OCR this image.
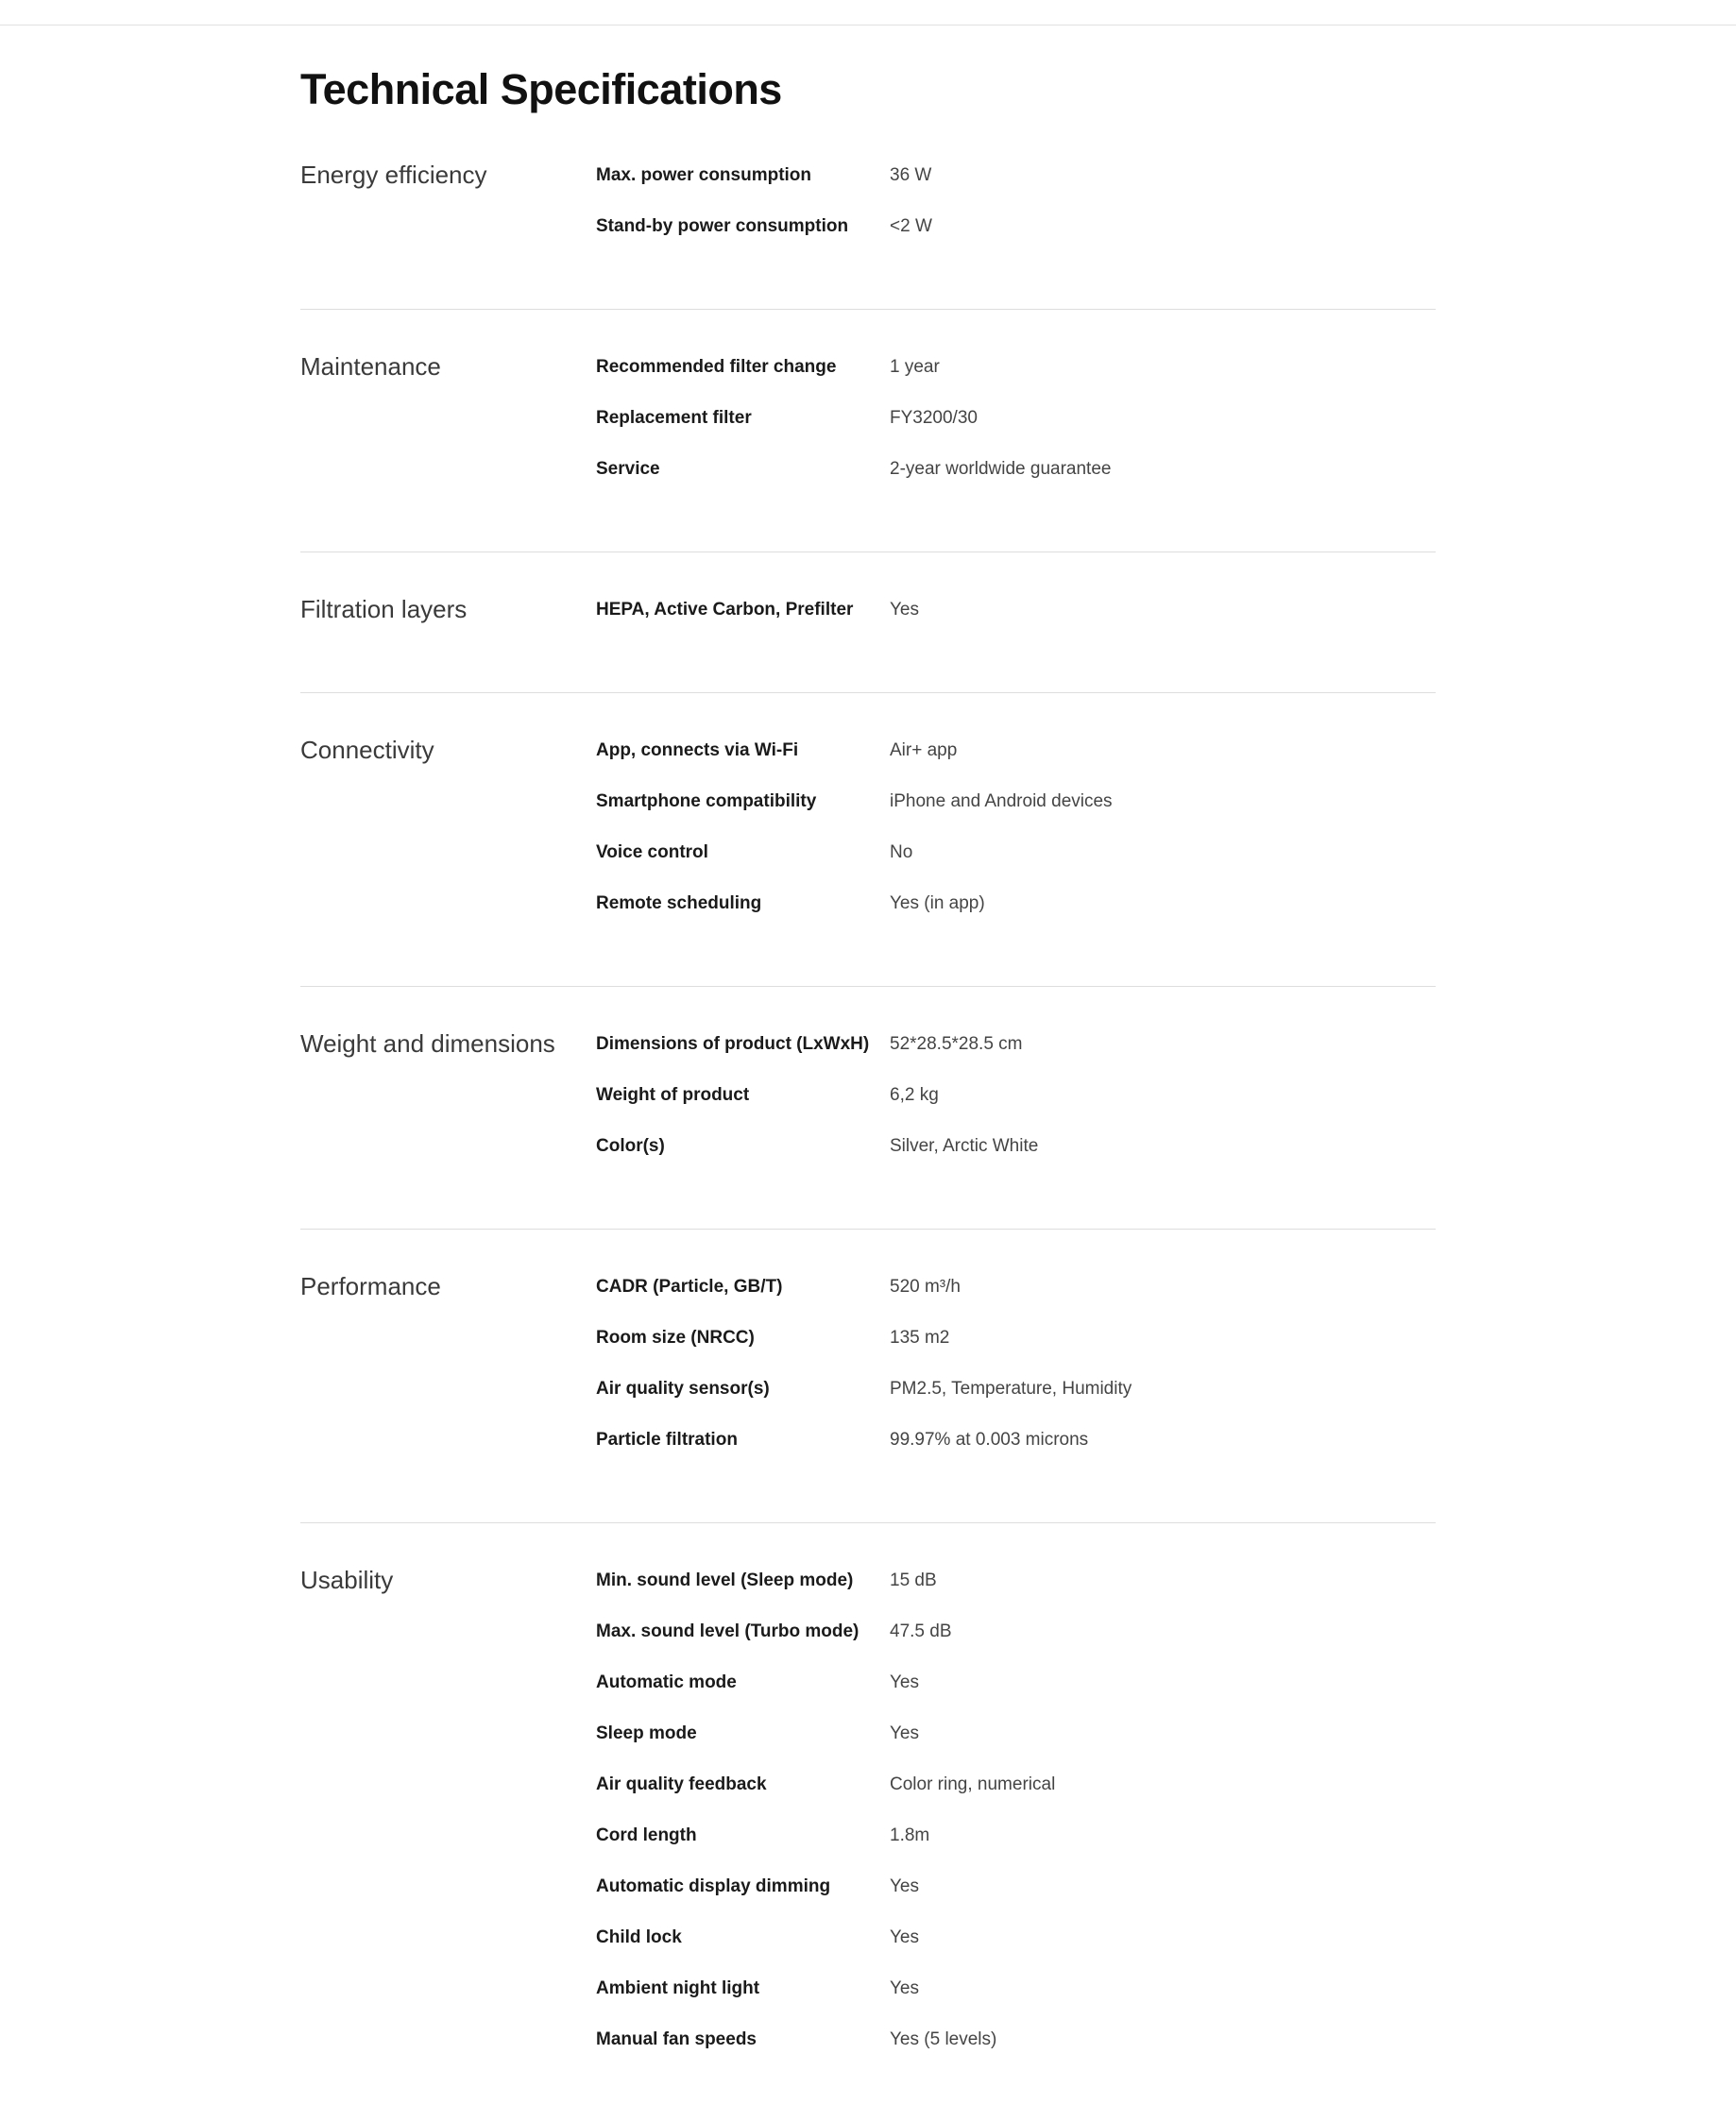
Technical Specifications
Energy efficiency	Max. power consumption	36 W
Stand-by power consumption	<2 W
Maintenance	Recommended filter change	1 year
Replacement filter	FY3200/30
Service	2-year worldwide guarantee
Filtration layers	HEPA, Active Carbon, Prefilter	Yes
Connectivity	App, connects via Wi-Fi	Air+ app
Smartphone compatibility	iPhone and Android devices
Voice control	No
Remote scheduling	Yes (in app)
Weight and dimensions	Dimensions of product (LxWxH)	52*28.5*28.5 cm
Weight of product	6,2 kg
Color(s)	Silver, Arctic White
Performance	CADR (Particle, GB/T)	520 m³/h
Room size (NRCC)	135 m2
Air quality sensor(s)	PM2.5, Temperature, Humidity
Particle filtration	99.97% at 0.003 microns
Usability	Min. sound level (Sleep mode)	15 dB
Max. sound level (Turbo mode)	47.5 dB
Automatic mode	Yes
Sleep mode	Yes
Air quality feedback	Color ring, numerical
Cord length	1.8m
Automatic display dimming	Yes
Child lock	Yes
Ambient night light	Yes
Manual fan speeds	Yes (5 levels)
